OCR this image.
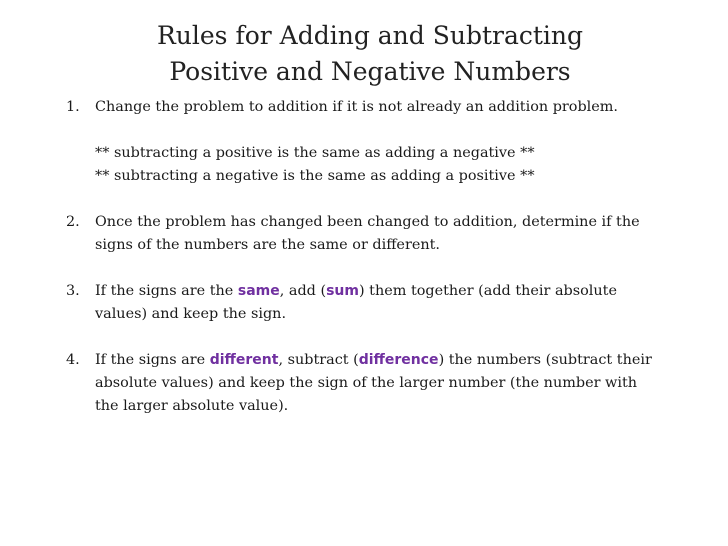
Rules for Adding and Subtracting
Positive and Negative Numbers
1. Change the problem to addition if it is not already an addition problem.
** subtracting a positive is the same as adding a negative **
** subtracting a negative is the same as adding a positive **
2. Once the problem has changed been changed to addition, determine if the signs of the numbers are the same or different.
3. If the signs are the same, add (sum) them together (add their absolute values) and keep the sign.
4. If the signs are different, subtract (difference) the numbers (subtract their absolute values) and keep the sign of the larger number (the number with the larger absolute value).
